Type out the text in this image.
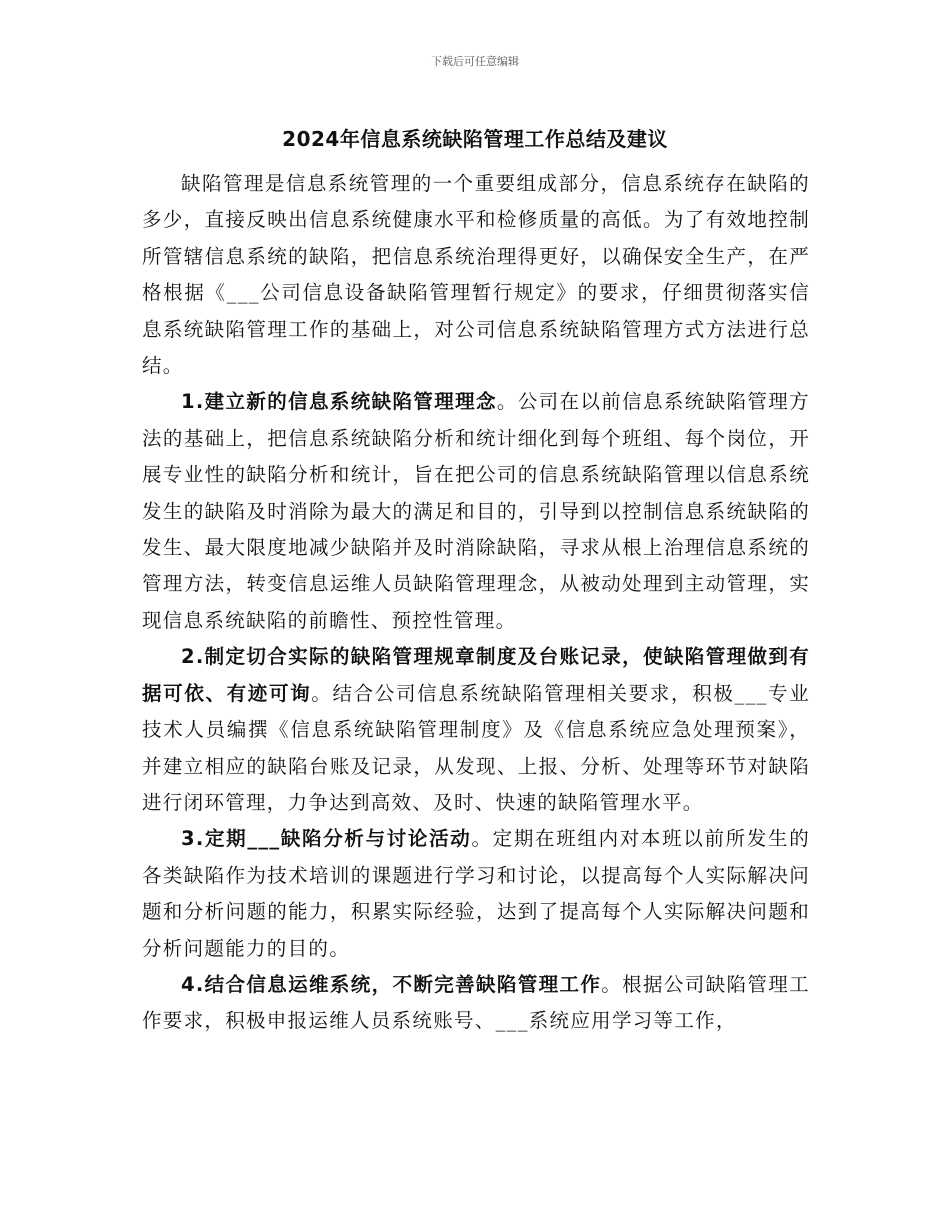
下载后可任意编辑
2024年信息系统缺陷管理工作总结及建议

缺陷管理是信息系统管理的一个重要组成部分，信息系统存在缺陷的多少，直接反映出信息系统健康水平和检修质量的高低。为了有效地控制所管辖信息系统的缺陷，把信息系统治理得更好，以确保安全生产，在严格根据《___公司信息设备缺陷管理暂行规定》的要求，仔细贯彻落实信息系统缺陷管理工作的基础上，对公司信息系统缺陷管理方式方法进行总结。

1.建立新的信息系统缺陷管理理念。公司在以前信息系统缺陷管理方法的基础上，把信息系统缺陷分析和统计细化到每个班组、每个岗位，开展专业性的缺陷分析和统计，旨在把公司的信息系统缺陷管理以信息系统发生的缺陷及时消除为最大的满足和目的，引导到以控制信息系统缺陷的发生、最大限度地减少缺陷并及时消除缺陷，寻求从根上治理信息系统的管理方法，转变信息运维人员缺陷管理理念，从被动处理到主动管理，实现信息系统缺陷的前瞻性、预控性管理。

2.制定切合实际的缺陷管理规章制度及台账记录，使缺陷管理做到有据可依、有迹可询。结合公司信息系统缺陷管理相关要求，积极___专业技术人员编撰《信息系统缺陷管理制度》及《信息系统应急处理预案》，并建立相应的缺陷台账及记录，从发现、上报、分析、处理等环节对缺陷进行闭环管理，力争达到高效、及时、快速的缺陷管理水平。

3.定期___缺陷分析与讨论活动。定期在班组内对本班以前所发生的各类缺陷作为技术培训的课题进行学习和讨论，以提高每个人实际解决问题和分析问题的能力，积累实际经验，达到了提高每个人实际解决问题和分析问题能力的目的。

4.结合信息运维系统，不断完善缺陷管理工作。根据公司缺陷管理工作要求，积极申报运维人员系统账号、___系统应用学习等工作，
